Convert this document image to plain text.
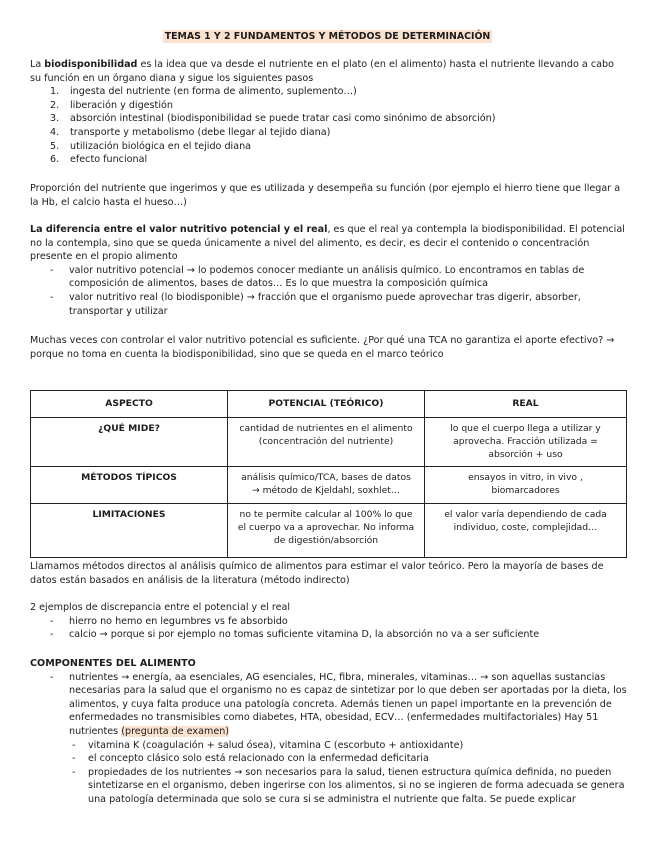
TEMAS 1 Y 2 FUNDAMENTOS Y MÉTODOS DE DETERMINACIÓN

La biodisponibilidad es la idea que va desde el nutriente en el plato (en el alimento) hasta el nutriente llevando a cabo su función en un órgano diana y sigue los siguientes pasos

1. ingesta del nutriente (en forma de alimento, suplemento…)
2. liberación y digestión
3. absorción intestinal (biodisponibilidad se puede tratar casi como sinónimo de absorción)
4. transporte y metabolismo (debe llegar al tejido diana)
5. utilización biológica en el tejido diana
6. efecto funcional

Proporción del nutriente que ingerimos y que es utilizada y desempeña su función (por ejemplo el hierro tiene que llegar a la Hb, el calcio hasta el hueso…)

La diferencia entre el valor nutritivo potencial y el real, es que el real ya contempla la biodisponibilidad. El potencial no la contempla, sino que se queda únicamente a nivel del alimento, es decir, es decir el contenido o concentración presente en el propio alimento

- valor nutritivo potencial → lo podemos conocer mediante un análisis químico. Lo encontramos en tablas de composición de alimentos, bases de datos… Es lo que muestra la composición química
- valor nutritivo real (lo biodisponible) → fracción que el organismo puede aprovechar tras digerir, absorber, transportar y utilizar

Muchas veces con controlar el valor nutritivo potencial es suficiente. ¿Por qué una TCA no garantiza el aporte efectivo? → porque no toma en cuenta la biodisponibilidad, sino que se queda en el marco teórico

ASPECTO	POTENCIAL (TEÓRICO)	REAL
¿QUÉ MIDE?	cantidad de nutrientes en el alimento (concentración del nutriente)	lo que el cuerpo llega a utilizar y aprovecha. Fracción utilizada = absorción + uso
MÉTODOS TÍPICOS	análisis químico/TCA, bases de datos → método de Kjeldahl, soxhlet…	ensayos in vitro, in vivo , biomarcadores
LIMITACIONES	no te permite calcular al 100% lo que el cuerpo va a aprovechar. No informa de digestión/absorción	el valor varía dependiendo de cada individuo, coste, complejidad…

Llamamos métodos directos al análisis químico de alimentos para estimar el valor teórico. Pero la mayoría de bases de datos están basados en análisis de la literatura (método indirecto)

2 ejemplos de discrepancia entre el potencial y el real

- hierro no hemo en legumbres vs fe absorbido
- calcio → porque si por ejemplo no tomas suficiente vitamina D, la absorción no va a ser suficiente

COMPONENTES DEL ALIMENTO

- nutrientes → energía, aa esenciales, AG esenciales, HC, fibra, minerales, vitaminas… → son aquellas sustancias necesarias para la salud que el organismo no es capaz de sintetizar por lo que deben ser aportadas por la dieta, los alimentos, y cuya falta produce una patología concreta. Además tienen un papel importante en la prevención de enfermedades no transmisibles como diabetes, HTA, obesidad, ECV… (enfermedades multifactoriales) Hay 51 nutrientes (pregunta de examen)
- vitamina K (coagulación + salud ósea), vitamina C (escorbuto + antioxidante)
- el concepto clásico solo está relacionado con la enfermedad deficitaria
- propiedades de los nutrientes → son necesarios para la salud, tienen estructura química definida, no pueden sintetizarse en el organismo, deben ingerirse con los alimentos, si no se ingieren de forma adecuada se genera una patología determinada que solo se cura si se administra el nutriente que falta. Se puede explicar
